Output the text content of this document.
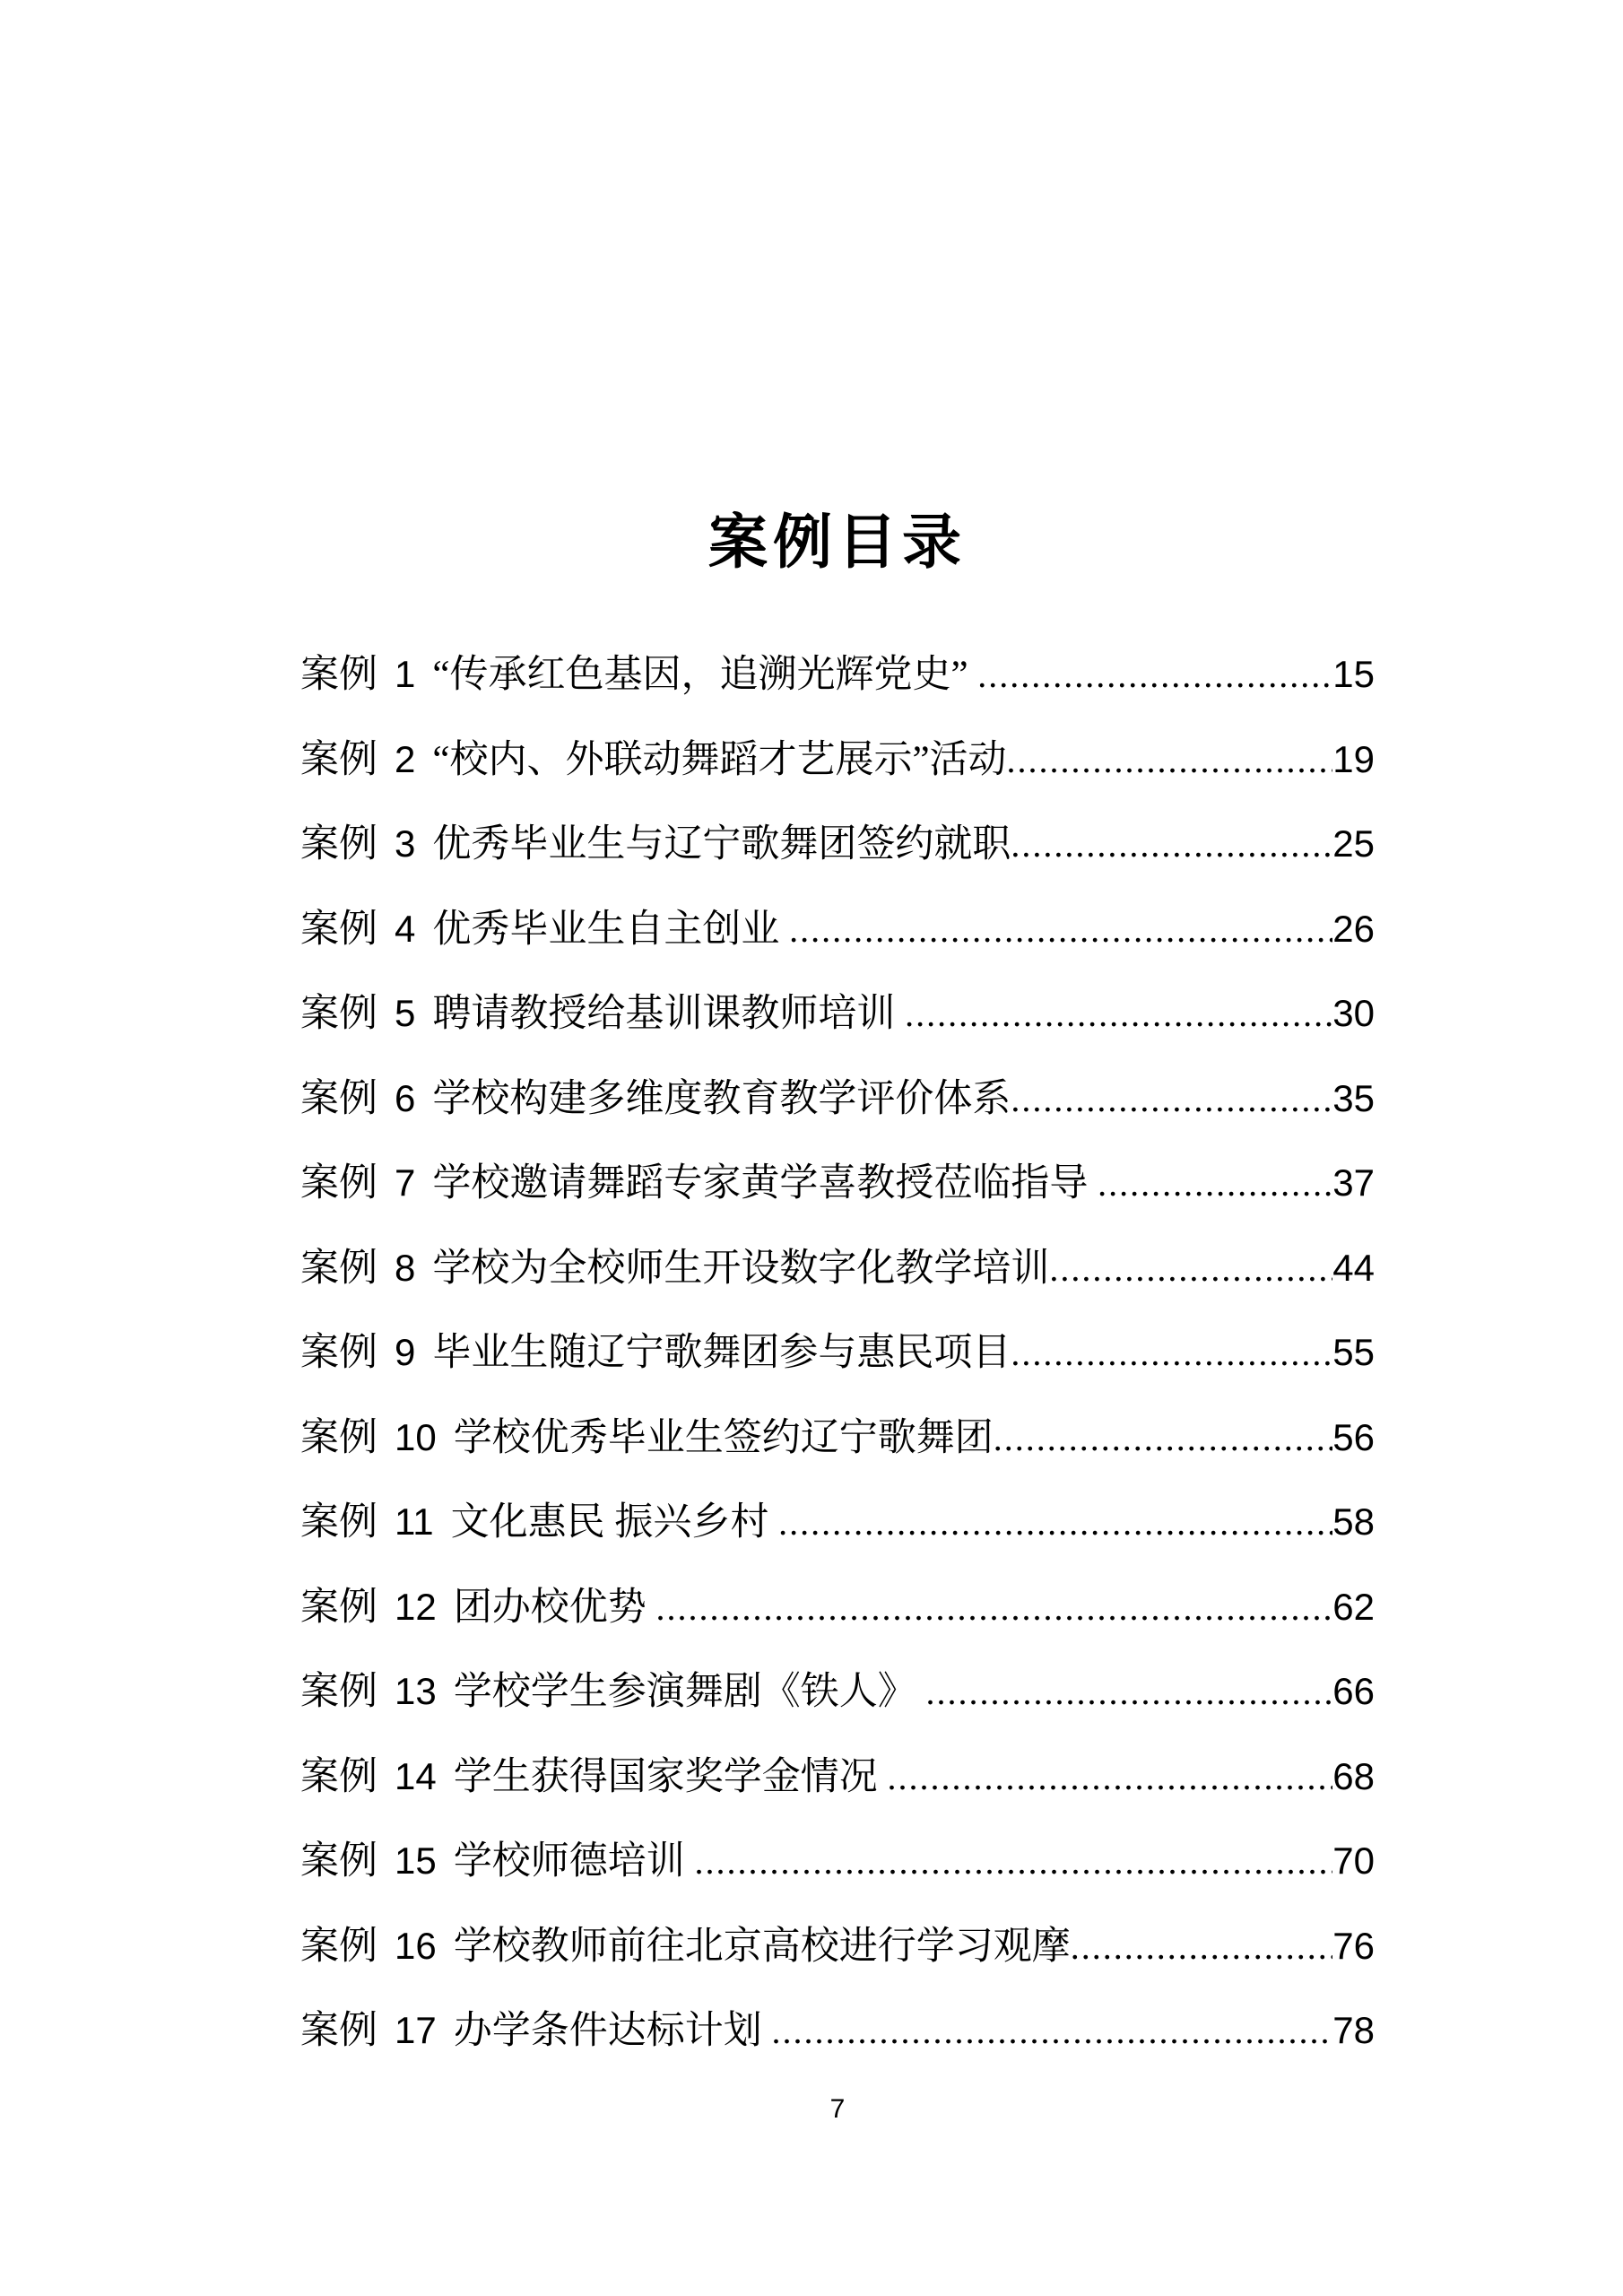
案例目录
案例 1 “传承红色基因，追溯光辉党史” .....	15
案例 2 “校内、外联动舞蹈才艺展示”活动 .....	19
案例 3 优秀毕业生与辽宁歌舞团签约就职 .....	25
案例 4 优秀毕业生自主创业 .....	26
案例 5 聘请教授给基训课教师培训 .....	30
案例 6 学校构建多维度教育教学评价体系 .....	35
案例 7 学校邀请舞蹈专家黄学喜教授莅临指导 .....	37
案例 8 学校为全校师生开设数字化教学培训 .....	44
案例 9 毕业生随辽宁歌舞团参与惠民项目 .....	55
案例 10 学校优秀毕业生签约辽宁歌舞团 .....	56
案例 11 文化惠民 振兴乡村 .....	58
案例 12 团办校优势 .....	62
案例 13 学校学生参演舞剧《铁人》 .....	66
案例 14 学生获得国家奖学金情况 .....	68
案例 15 学校师德培训 .....	70
案例 16 学校教师前往北京高校进行学习观摩 .....	76
案例 17 办学条件达标计划 .....	78
7
